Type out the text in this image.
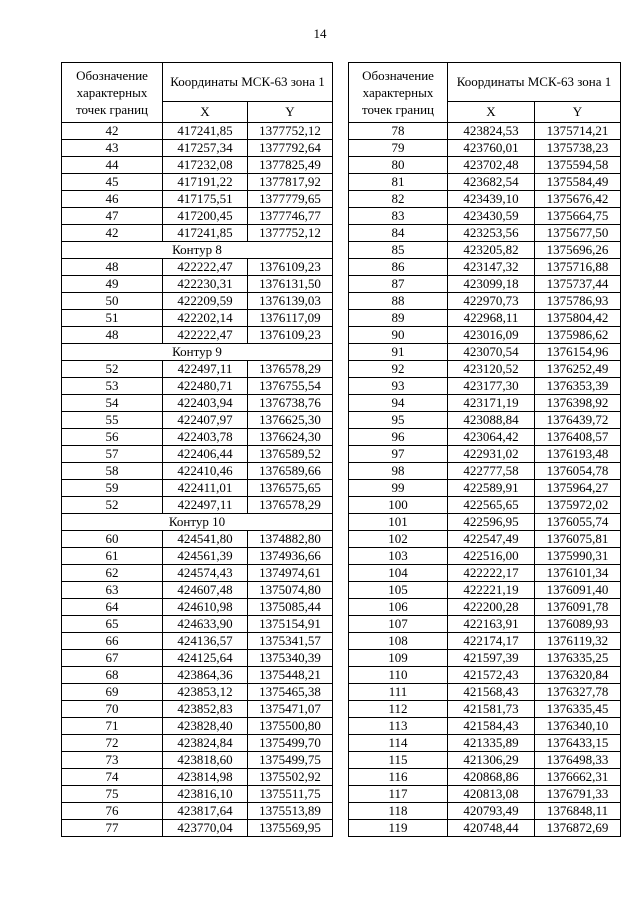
14
Обозначение характерных точек границ	Координаты МСК-63 зона 1	
	X	Y
42	417241,85	1377752,12
43	417257,34	1377792,64
44	417232,08	1377825,49
45	417191,22	1377817,92
46	417175,51	1377779,65
47	417200,45	1377746,77
42	417241,85	1377752,12
Контур 8		
48	422222,47	1376109,23
49	422230,31	1376131,50
50	422209,59	1376139,03
51	422202,14	1376117,09
48	422222,47	1376109,23
Контур 9		
52	422497,11	1376578,29
53	422480,71	1376755,54
54	422403,94	1376738,76
55	422407,97	1376625,30
56	422403,78	1376624,30
57	422406,44	1376589,52
58	422410,46	1376589,66
59	422411,01	1376575,65
52	422497,11	1376578,29
Контур 10		
60	424541,80	1374882,80
61	424561,39	1374936,66
62	424574,43	1374974,61
63	424607,48	1375074,80
64	424610,98	1375085,44
65	424633,90	1375154,91
66	424136,57	1375341,57
67	424125,64	1375340,39
68	423864,36	1375448,21
69	423853,12	1375465,38
70	423852,83	1375471,07
71	423828,40	1375500,80
72	423824,84	1375499,70
73	423818,60	1375499,75
74	423814,98	1375502,92
75	423816,10	1375511,75
76	423817,64	1375513,89
77	423770,04	1375569,95
Обозначение характерных точек границ	Координаты МСК-63 зона 1	
	X	Y
78	423824,53	1375714,21
79	423760,01	1375738,23
80	423702,48	1375594,58
81	423682,54	1375584,49
82	423439,10	1375676,42
83	423430,59	1375664,75
84	423253,56	1375677,50
85	423205,82	1375696,26
86	423147,32	1375716,88
87	423099,18	1375737,44
88	422970,73	1375786,93
89	422968,11	1375804,42
90	423016,09	1375986,62
91	423070,54	1376154,96
92	423120,52	1376252,49
93	423177,30	1376353,39
94	423171,19	1376398,92
95	423088,84	1376439,72
96	423064,42	1376408,57
97	422931,02	1376193,48
98	422777,58	1376054,78
99	422589,91	1375964,27
100	422565,65	1375972,02
101	422596,95	1376055,74
102	422547,49	1376075,81
103	422516,00	1375990,31
104	422222,17	1376101,34
105	422221,19	1376091,40
106	422200,28	1376091,78
107	422163,91	1376089,93
108	422174,17	1376119,32
109	421597,39	1376335,25
110	421572,43	1376320,84
111	421568,43	1376327,78
112	421581,73	1376335,45
113	421584,43	1376340,10
114	421335,89	1376433,15
115	421306,29	1376498,33
116	420868,86	1376662,31
117	420813,08	1376791,33
118	420793,49	1376848,11
119	420748,44	1376872,69
